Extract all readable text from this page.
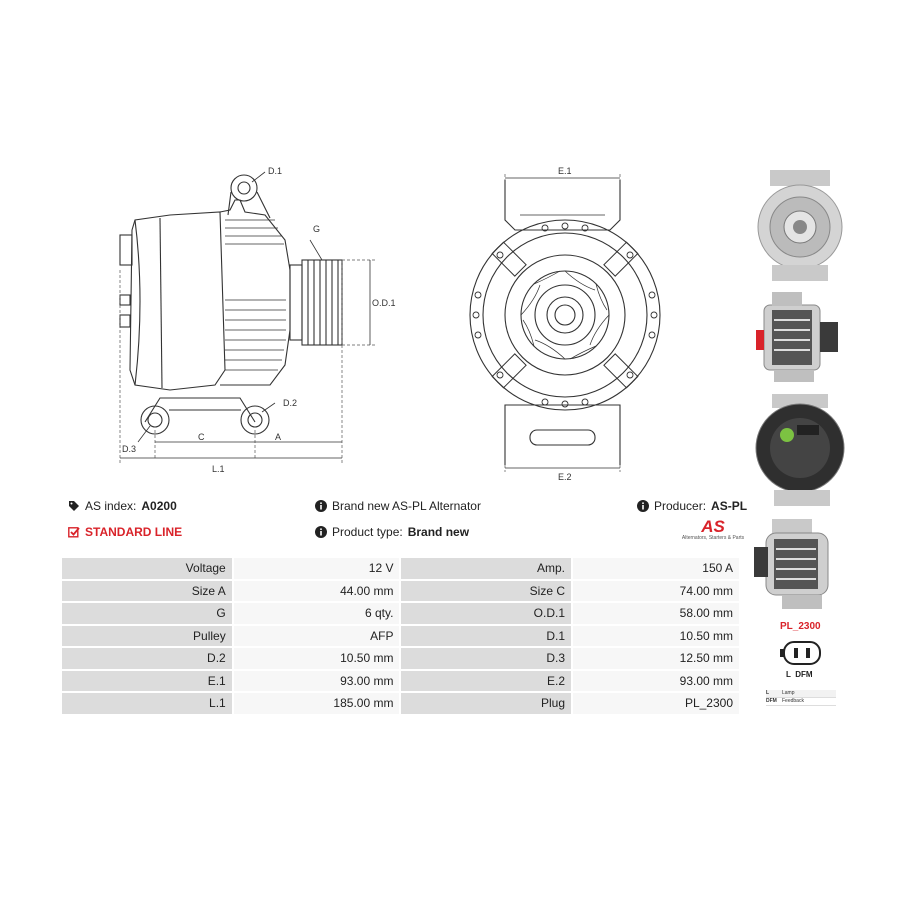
D.1
G
O.D.1
D.2
D.3
C	A
L.1
E.1
E.2
AS index: A0200	Brand new AS-PL Alternator	Producer: AS-PL
STANDARD LINE	Product type: Brand new	AS
Alternators, Starters & Parts
Voltage	12 V	Amp.	150 A
Size A	44.00 mm	Size C	74.00 mm
G	6 qty.	O.D.1	58.00 mm
Pulley	AFP	D.1	10.50 mm
D.2	10.50 mm	D.3	12.50 mm
E.1	93.00 mm	E.2	93.00 mm
L.1	185.00 mm	Plug	PL_2300
PL_2300
L  DFM
L	Lamp
DFM Feedback
